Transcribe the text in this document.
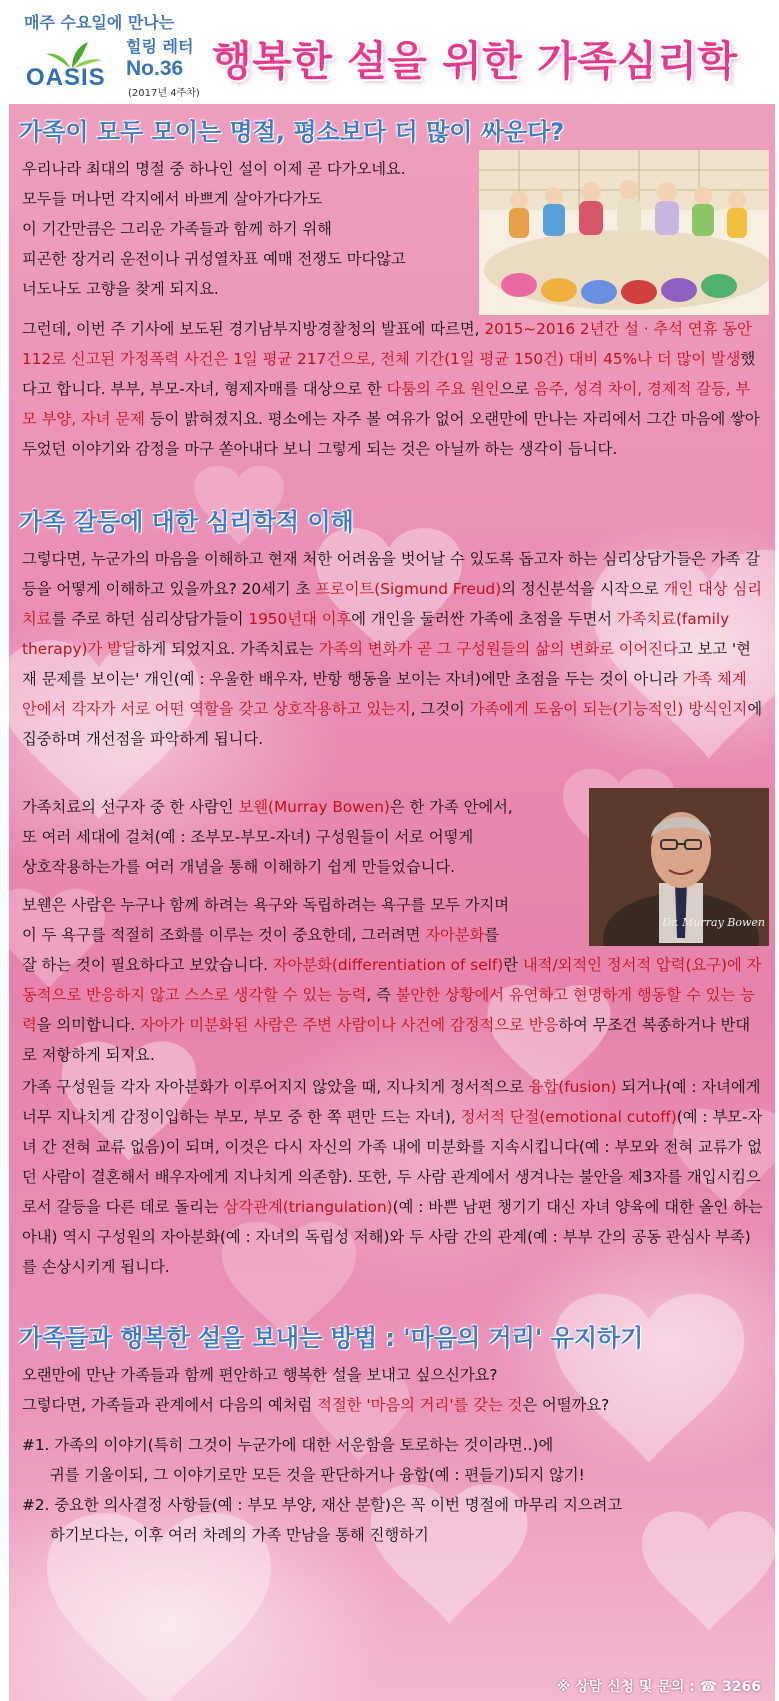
매주 수요일에 만나는
OASIS
힐링 레터
No.36
(2017년 4주차)
행복한 설을 위한 가족심리학
가족이 모두 모이는 명절, 평소보다 더 많이 싸운다?
우리나라 최대의 명절 중 하나인 설이 이제 곧 다가오네요.
모두들 머나먼 각지에서 바쁘게 살아가다가도
이 기간만큼은 그리운 가족들과 함께 하기 위해
피곤한 장거리 운전이나 귀성열차표 예매 전쟁도 마다않고
너도나도 고향을 찾게 되지요.
그런데, 이번 주 기사에 보도된 경기남부지방경찰청의 발표에 따르면, 2015~2016 2년간 설 · 추석 연휴 동안 112로 신고된 가정폭력 사건은 1일 평균 217건으로, 전체 기간(1일 평균 150건) 대비 45%나 더 많이 발생했다고 합니다. 부부, 부모-자녀, 형제자매를 대상으로 한 다툼의 주요 원인으로 음주, 성격 차이, 경제적 갈등, 부모 부양, 자녀 문제 등이 밝혀졌지요. 평소에는 자주 볼 여유가 없어 오랜만에 만나는 자리에서 그간 마음에 쌓아두었던 이야기와 감정을 마구 쏟아내다 보니 그렇게 되는 것은 아닐까 하는 생각이 듭니다.
가족 갈등에 대한 심리학적 이해
그렇다면, 누군가의 마음을 이해하고 현재 처한 어려움을 벗어날 수 있도록 돕고자 하는 심리상담가들은 가족 갈등을 어떻게 이해하고 있을까요? 20세기 초 프로이트(Sigmund Freud)의 정신분석을 시작으로 개인 대상 심리치료를 주로 하던 심리상담가들이 1950년대 이후에 개인을 둘러싼 가족에 초점을 두면서 가족치료(family therapy)가 발달하게 되었지요. 가족치료는 가족의 변화가 곧 그 구성원들의 삶의 변화로 이어진다고 보고 '현재 문제를 보이는' 개인(예 : 우울한 배우자, 반항 행동을 보이는 자녀)에만 초점을 두는 것이 아니라 가족 체계 안에서 각자가 서로 어떤 역할을 갖고 상호작용하고 있는지, 그것이 가족에게 도움이 되는(기능적인) 방식인지에 집중하며 개선점을 파악하게 됩니다.
Dr. Murray Bowen
가족치료의 선구자 중 한 사람인 보웬(Murray Bowen)은 한 가족 안에서,
또 여러 세대에 걸쳐(예 : 조부모-부모-자녀) 구성원들이 서로 어떻게
상호작용하는가를 여러 개념을 통해 이해하기 쉽게 만들었습니다.
보웬은 사람은 누구나 함께 하려는 욕구와 독립하려는 욕구를 모두 가지며
이 두 욕구를 적절히 조화를 이루는 것이 중요한데, 그러려면 자아분화를
잘 하는 것이 필요하다고 보았습니다. 자아분화(differentiation of self)란 내적/외적인 정서적 압력(요구)에 자동적으로 반응하지 않고 스스로 생각할 수 있는 능력, 즉 불안한 상황에서 유연하고 현명하게 행동할 수 있는 능력을 의미합니다. 자아가 미분화된 사람은 주변 사람이나 사건에 감정적으로 반응하여 무조건 복종하거나 반대로 저항하게 되지요.
가족 구성원들 각자 자아분화가 이루어지지 않았을 때, 지나치게 정서적으로 융합(fusion) 되거나(예 : 자녀에게 너무 지나치게 감정이입하는 부모, 부모 중 한 쪽 편만 드는 자녀), 정서적 단절(emotional cutoff)(예 : 부모-자녀 간 전혀 교류 없음)이 되며, 이것은 다시 자신의 가족 내에 미분화를 지속시킵니다(예 : 부모와 전혀 교류가 없던 사람이 결혼해서 배우자에게 지나치게 의존함). 또한, 두 사람 관계에서 생겨나는 불안을 제3자를 개입시킴으로서 갈등을 다른 데로 돌리는 삼각관계(triangulation)(예 : 바쁜 남편 챙기기 대신 자녀 양육에 대한 올인 하는 아내) 역시 구성원의 자아분화(예 : 자녀의 독립성 저해)와 두 사람 간의 관계(예 : 부부 간의 공동 관심사 부족)를 손상시키게 됩니다.
가족들과 행복한 설을 보내는 방법 : '마음의 거리' 유지하기
오랜만에 만난 가족들과 함께 편안하고 행복한 설을 보내고 싶으신가요?
그렇다면, 가족들과 관계에서 다음의 예처럼 적절한 '마음의 거리'를 갖는 것은 어떨까요?
#1. 가족의 이야기(특히 그것이 누군가에 대한 서운함을 토로하는 것이라면..)에
귀를 기울이되, 그 이야기로만 모든 것을 판단하거나 융합(예 : 편들기)되지 않기!
#2. 중요한 의사결정 사항들(예 : 부모 부양, 재산 분할)은 꼭 이번 명절에 마무리 지으려고
하기보다는, 이후 여러 차례의 가족 만남을 통해 진행하기
※ 상담 신청 및 문의 : ☎ 3266
